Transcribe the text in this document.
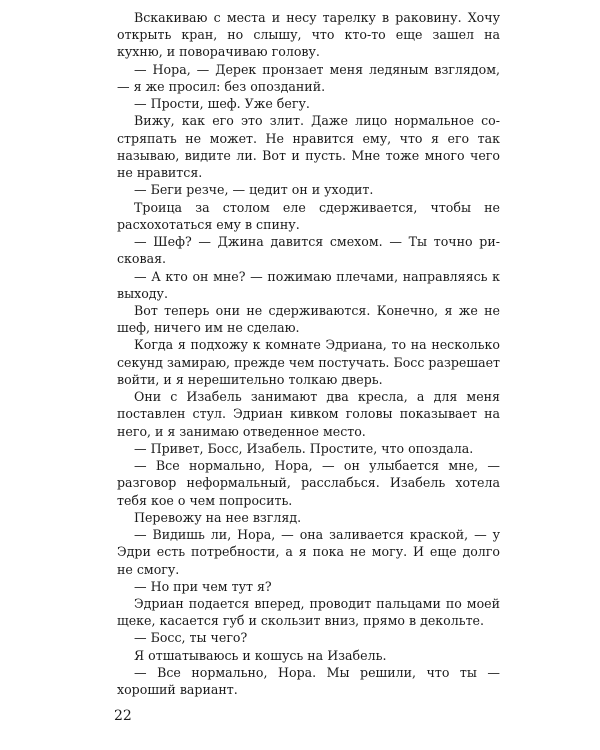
Вскакиваю с места и несу тарелку в раковину. Хочу открыть кран, но слышу, что кто-то еще зашел на кухню, и поворачиваю голову.

— Нора, — Дерек пронзает меня ледяным взглядом, — я же просил: без опозданий.

— Прости, шеф. Уже бегу.

Вижу, как его это злит. Даже лицо нормальное состряпать не может. Не нравится ему, что я его так называю, видите ли. Вот и пусть. Мне тоже много чего не нравится.

— Беги резче, — цедит он и уходит.

Троица за столом еле сдерживается, чтобы не расхохотаться ему в спину.

— Шеф? — Джина давится смехом. — Ты точно рисковая.

— А кто он мне? — пожимаю плечами, направляясь к выходу.

Вот теперь они не сдерживаются. Конечно, я же не шеф, ничего им не сделаю.

Когда я подхожу к комнате Эдриана, то на несколько секунд замираю, прежде чем постучать. Босс разрешает войти, и я нерешительно толкаю дверь.

Они с Изабель занимают два кресла, а для меня поставлен стул. Эдриан кивком головы показывает на него, и я занимаю отведенное место.

— Привет, Босс, Изабель. Простите, что опоздала.

— Все нормально, Нора, — он улыбается мне, — разговор неформальный, расслабься. Изабель хотела тебя кое о чем попросить.

Перевожу на нее взгляд.

— Видишь ли, Нора, — она заливается краской, — у Эдри есть потребности, а я пока не могу. И еще долго не смогу.

— Но при чем тут я?

Эдриан подается вперед, проводит пальцами по моей щеке, касается губ и скользит вниз, прямо в декольте.

— Босс, ты чего?

Я отшатываюсь и кошусь на Изабель.

— Все нормально, Нора. Мы решили, что ты — хороший вариант.

22
